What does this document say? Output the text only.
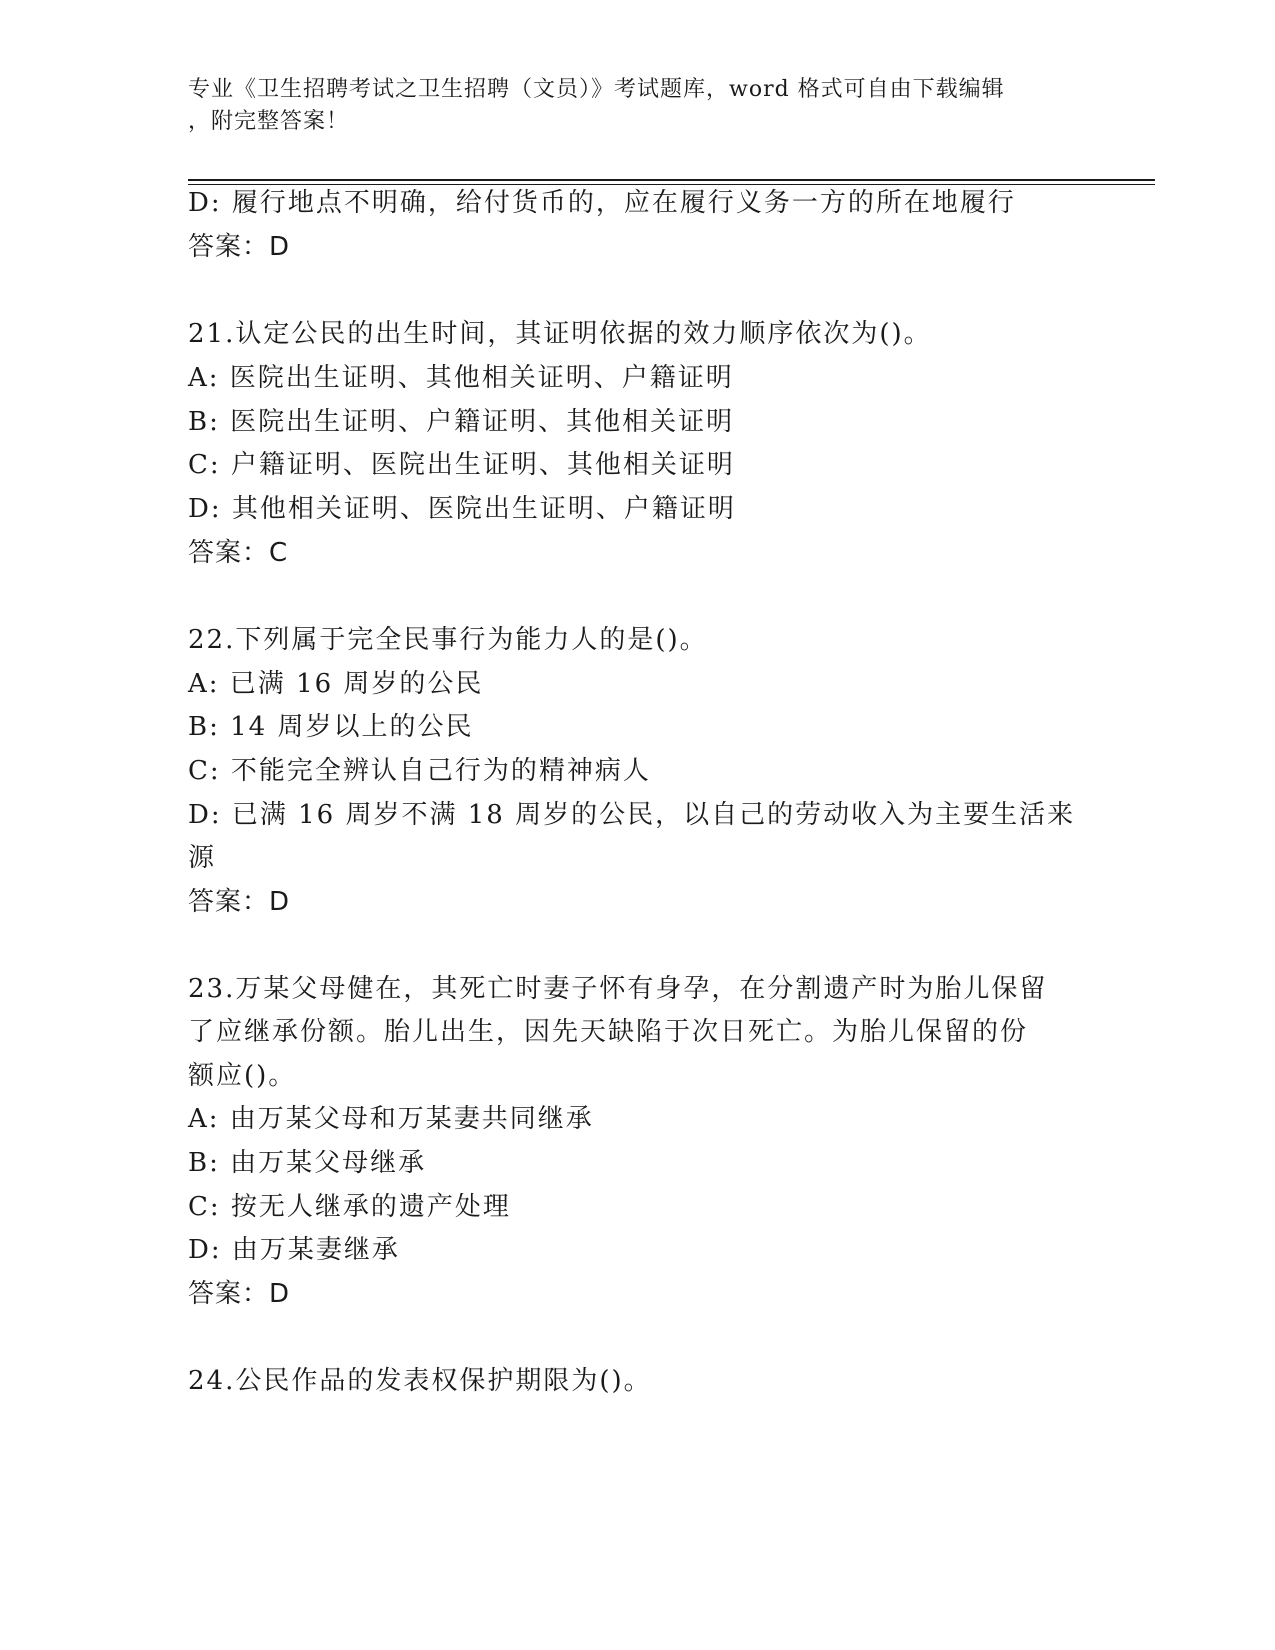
专业《卫生招聘考试之卫生招聘（文员）》考试题库，word 格式可自由下载编辑
，附完整答案！
D: 履行地点不明确，给付货币的，应在履行义务一方的所在地履行
答案：D
21.认定公民的出生时间，其证明依据的效力顺序依次为()。
A: 医院出生证明、其他相关证明、户籍证明
B: 医院出生证明、户籍证明、其他相关证明
C: 户籍证明、医院出生证明、其他相关证明
D: 其他相关证明、医院出生证明、户籍证明
答案：C
22.下列属于完全民事行为能力人的是()。
A: 已满 16 周岁的公民
B: 14 周岁以上的公民
C: 不能完全辨认自己行为的精神病人
D: 已满 16 周岁不满 18 周岁的公民，以自己的劳动收入为主要生活来
源
答案：D
23.万某父母健在，其死亡时妻子怀有身孕，在分割遗产时为胎儿保留
了应继承份额。胎儿出生，因先天缺陷于次日死亡。为胎儿保留的份
额应()。
A: 由万某父母和万某妻共同继承
B: 由万某父母继承
C: 按无人继承的遗产处理
D: 由万某妻继承
答案：D
24.公民作品的发表权保护期限为()。
